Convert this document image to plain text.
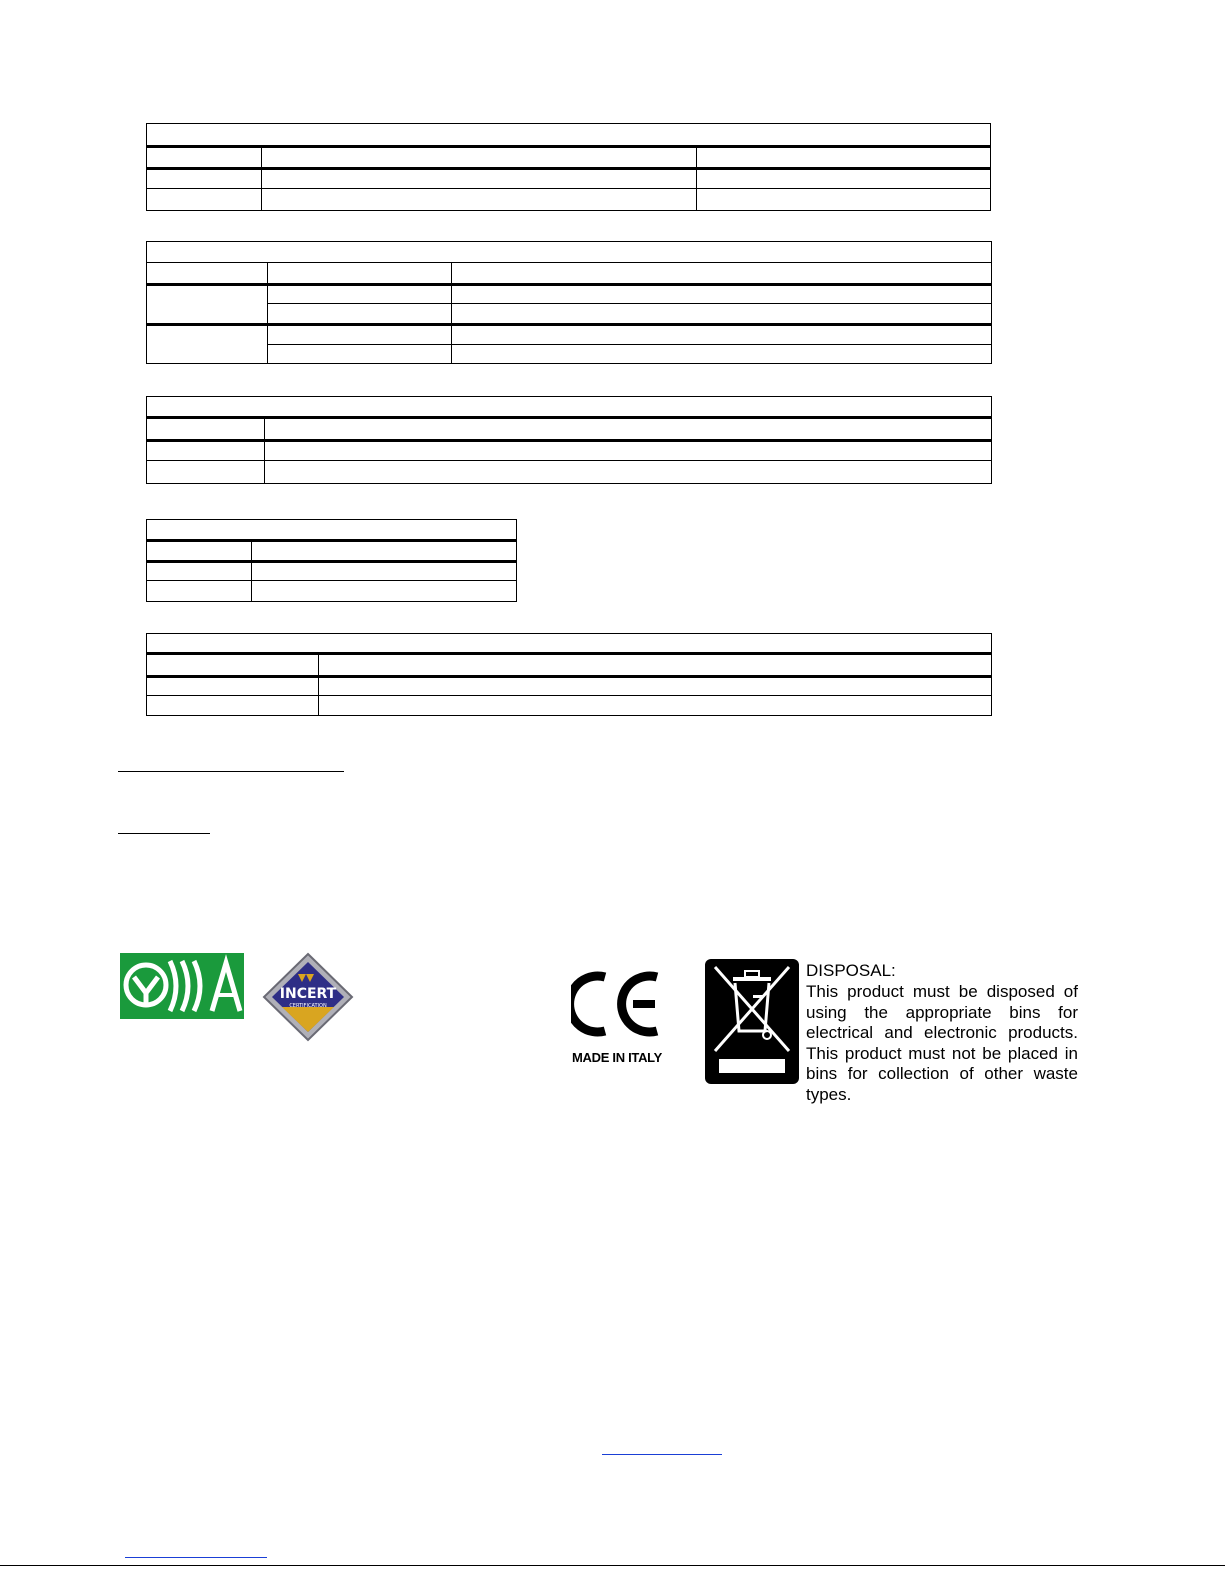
INCERT
CERTIFICATION
MADE IN ITALY
DISPOSAL:
This product must be disposed of using the appropriate bins for electrical and electronic products. This product must not be placed in bins for collection of other waste types.
